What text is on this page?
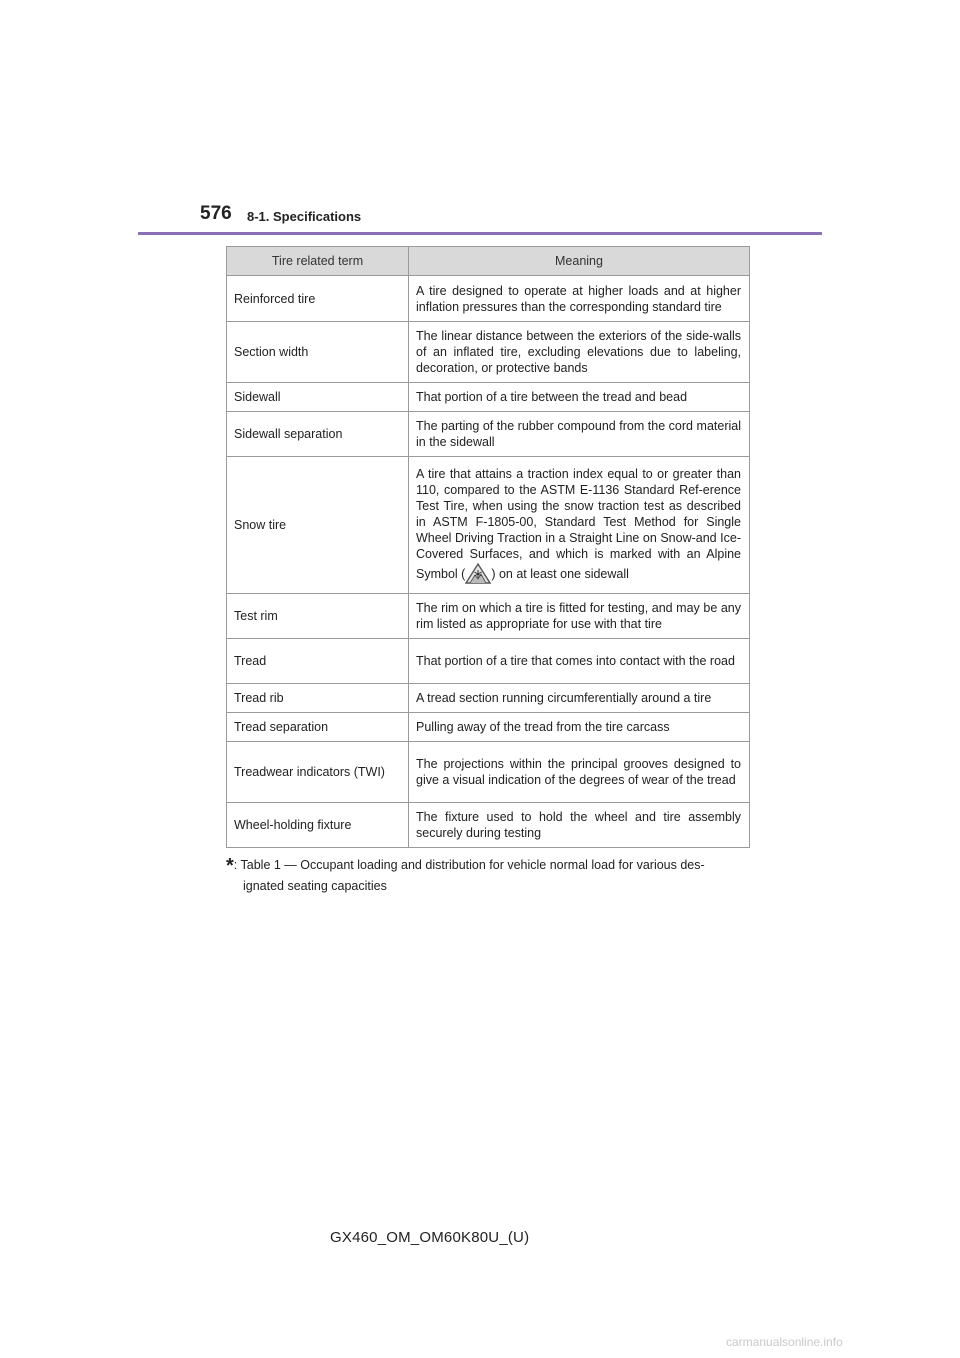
576 8-1. Specifications
Tire related term	Meaning
Reinforced tire	A tire designed to operate at higher loads and at higher inflation pressures than the corresponding standard tire
Section width	The linear distance between the exteriors of the side-walls of an inflated tire, excluding elevations due to labeling, decoration, or protective bands
Sidewall	That portion of a tire between the tread and bead
Sidewall separation	The parting of the rubber compound from the cord material in the sidewall
Snow tire	A tire that attains a traction index equal to or greater than 110, compared to the ASTM E-1136 Standard Ref-erence Test Tire, when using the snow traction test as described in ASTM F-1805-00, Standard Test Method for Single Wheel Driving Traction in a Straight Line on Snow-and Ice-Covered Surfaces, and which is marked with an Alpine Symbol ( ) on at least one sidewall
Test rim	The rim on which a tire is fitted for testing, and may be any rim listed as appropriate for use with that tire
Tread	That portion of a tire that comes into contact with the road
Tread rib	A tread section running circumferentially around a tire
Tread separation	Pulling away of the tread from the tire carcass
Treadwear indicators (TWI)	The projections within the principal grooves designed to give a visual indication of the degrees of wear of the tread
Wheel-holding fixture	The fixture used to hold the wheel and tire assembly securely during testing
*: Table 1 — Occupant loading and distribution for vehicle normal load for various des-
ignated seating capacities
GX460_OM_OM60K80U_(U)
carmanualsonline.info
